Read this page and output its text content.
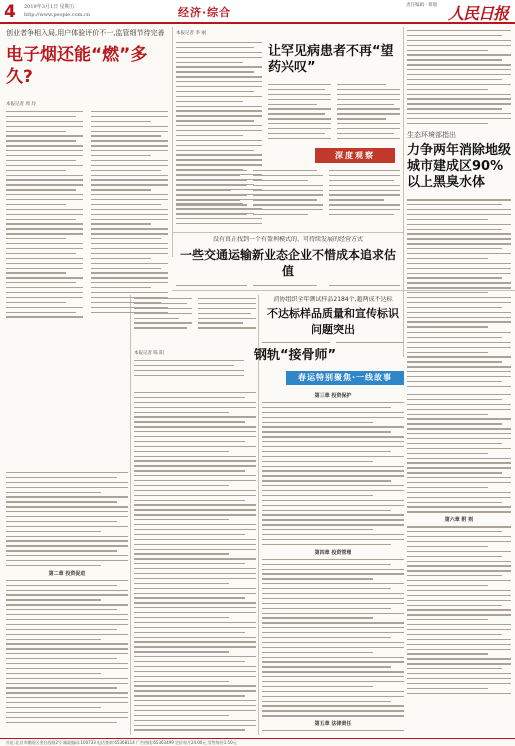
4 2019年3月1日 星期五
http://www.people.com.cn	经济·综合
责任编辑 · 排版 人民日报
创业者争相入局,用户体验评价不一,监管细节待完善
电子烟还能“燃”多久?
本报记者 周 玲
本报记者 李 丽
让罕见病患者不再“望药兴叹”
深度观察
生态环境部指出
力争两年消除地级城市建成区90%以上黑臭水体
没有真正找到一个有盈利模式的、可持续发展的经营方式
一些交通运输新业态企业不惜成本追求估值
消协组织全年测试样品2184个,超两成不达标
不达标样品质量和宣传标识问题突出
本报记者 陈 阳	钢轨“接骨师”
春运特别聚焦·一线故事
第二章 投资促进
第三章 投资保护
第四章 投资管理
第五章 法律责任
第六章 附 则
社址:北京市朝阳区金台西路2号 邮政编码:100733 电话查询:65368114 广告热线:65363499 定价每月24.00元 零售每份1.50元
